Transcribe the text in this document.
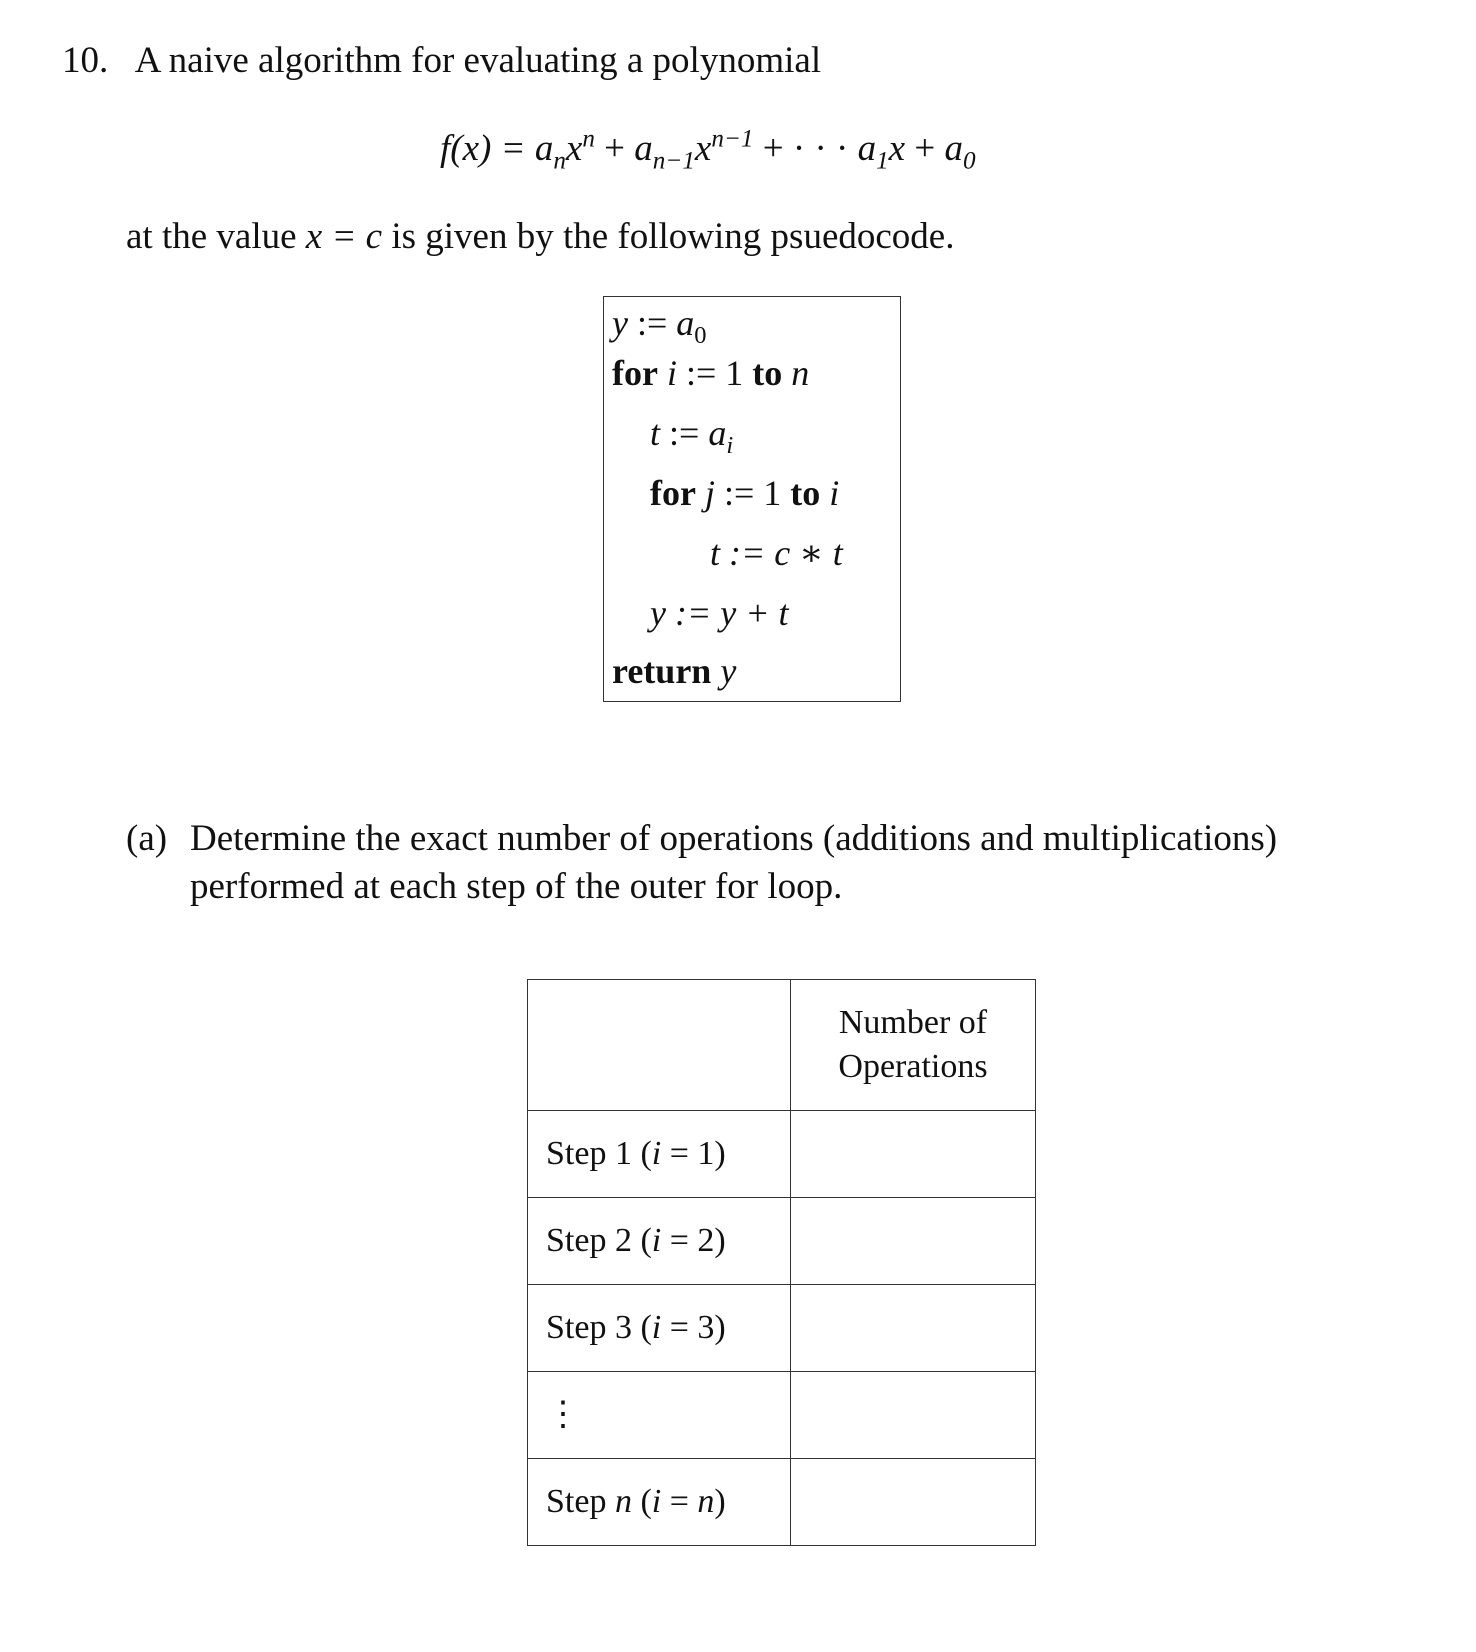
10. A naive algorithm for evaluating a polynomial
$f(x) = a_nx^n + a_{n-1}x^{n-1}$ + · · · $a_1x + a_0$
at the value x = c is given by the following psuedocode.
y := $a_0$
for i := 1 to n
t := $a_i$
for j := 1 to i
t := c ∗ t
y := y + t
return y
(a) Determine the exact number of operations (additions and multiplications)
performed at each step of the outer for loop.

	Number of
Operations

Step 1 (i = 1)	
Step 2 (i = 2)	
Step 3 (i = 3)	
⋮	
Step n (i = n)	
